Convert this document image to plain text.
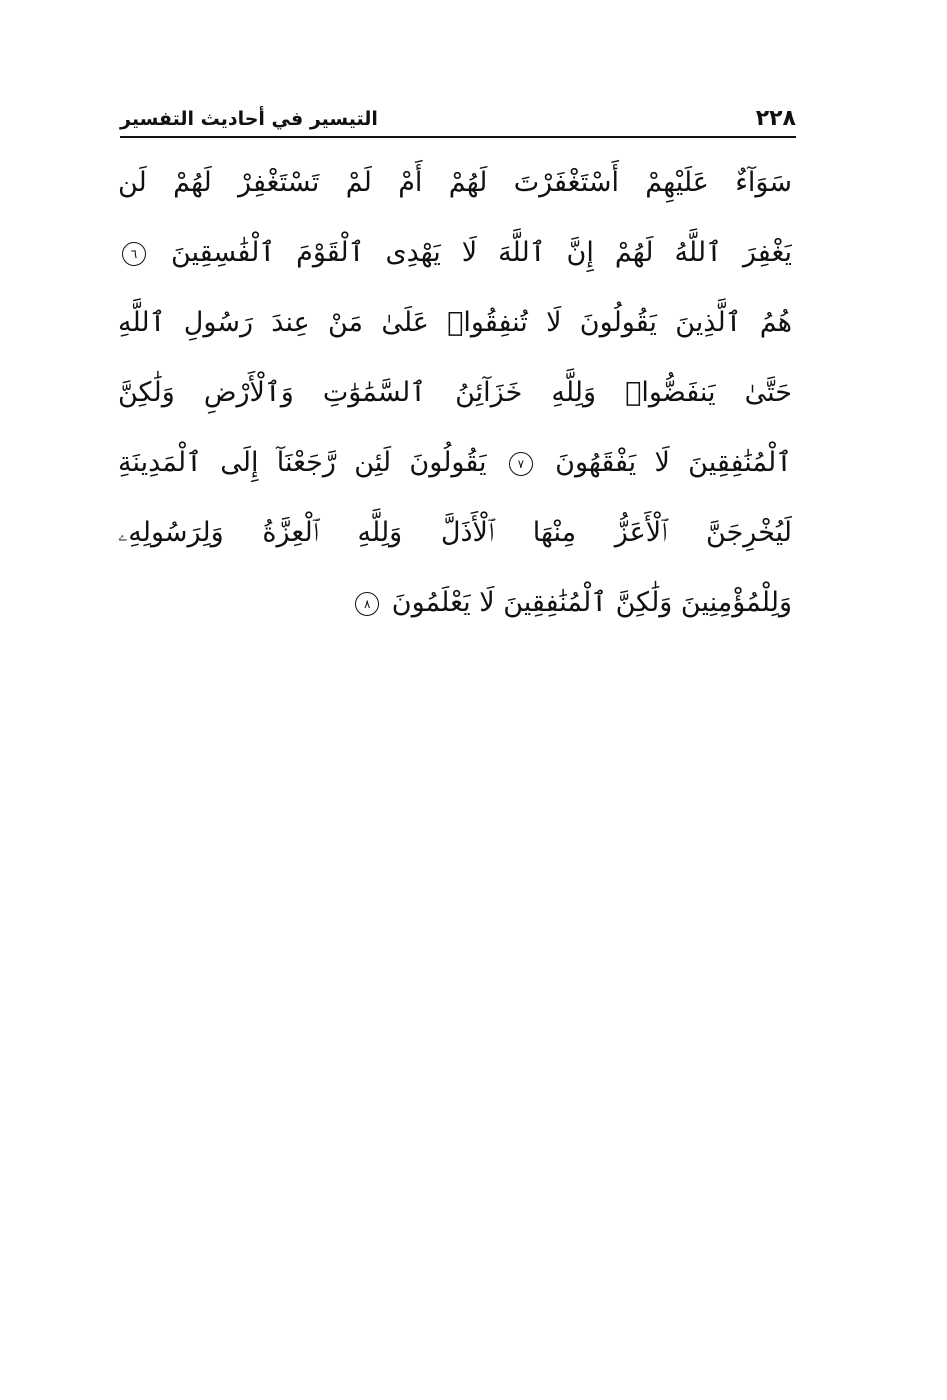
٢٢٨
التيسير في أحاديث التفسير
سَوَآءٌ عَلَيْهِمْ أَسْتَغْفَرْتَ لَهُمْ أَمْ لَمْ تَسْتَغْفِرْ لَهُمْ لَن
يَغْفِرَ ٱللَّهُ لَهُمْ إِنَّ ٱللَّهَ لَا يَهْدِى ٱلْقَوْمَ ٱلْفَٰسِقِينَ ٦
هُمُ ٱلَّذِينَ يَقُولُونَ لَا تُنفِقُوا۟ عَلَىٰ مَنْ عِندَ رَسُولِ ٱللَّهِ
حَتَّىٰ يَنفَضُّوا۟ وَلِلَّهِ خَزَآئِنُ ٱلسَّمَٰوَٰتِ وَٱلْأَرْضِ وَلَٰكِنَّ
ٱلْمُنَٰفِقِينَ لَا يَفْقَهُونَ ٧ يَقُولُونَ لَئِن رَّجَعْنَآ إِلَى ٱلْمَدِينَةِ
لَيُخْرِجَنَّ ٱلْأَعَزُّ مِنْهَا ٱلْأَذَلَّ وَلِلَّهِ ٱلْعِزَّةُ وَلِرَسُولِهِۦ
وَلِلْمُؤْمِنِينَ وَلَٰكِنَّ ٱلْمُنَٰفِقِينَ لَا يَعْلَمُونَ ٨
